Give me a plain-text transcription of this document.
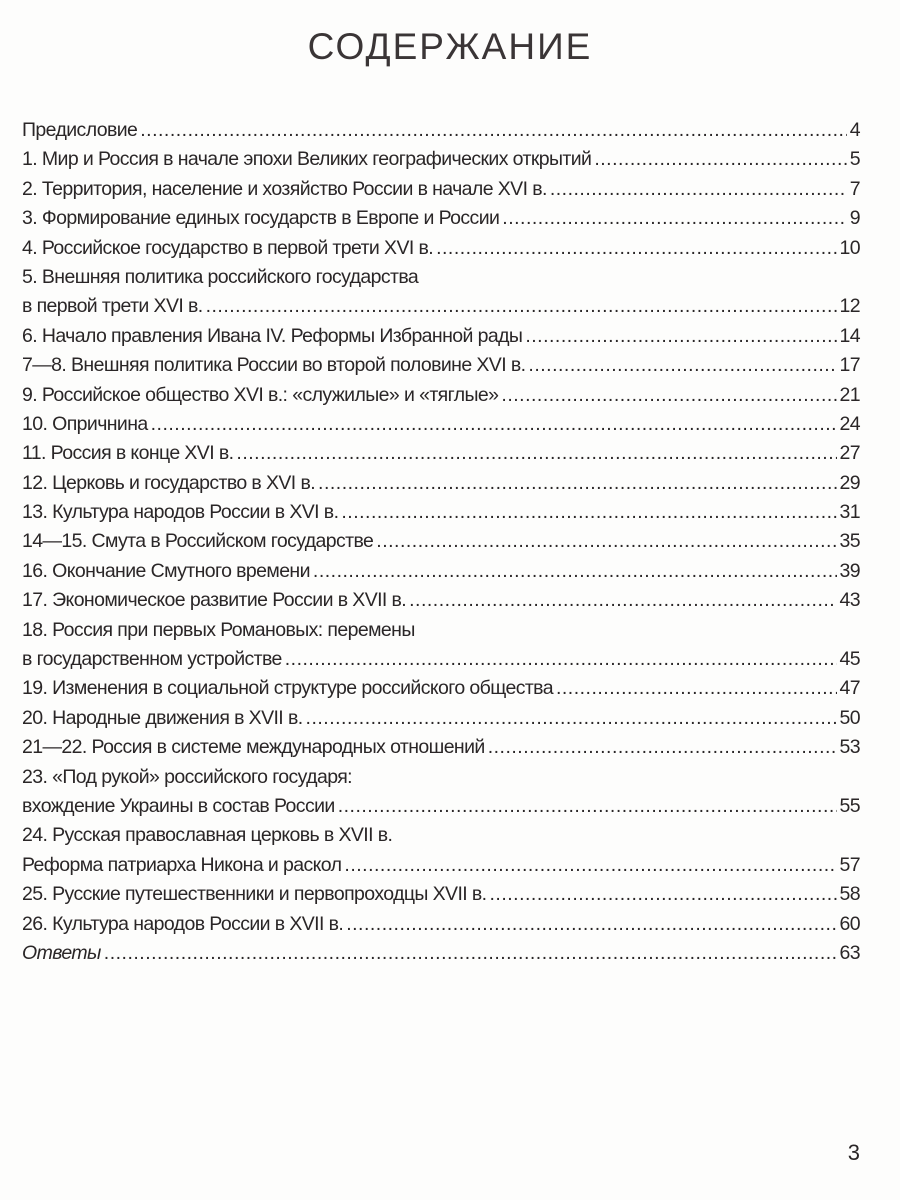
СОДЕРЖАНИЕ
Предисловие .....	4
1. Мир и Россия в начале эпохи Великих географических открытий .....	5
2. Территория, население и хозяйство России в начале XVI в. .....	7
3. Формирование единых государств в Европе и России .....	9
4. Российское государство в первой трети XVI в. .....	10
5. Внешняя политика российского государства
в первой трети XVI в. .....	12
6. Начало правления Ивана IV. Реформы Избранной рады .....	14
7—8. Внешняя политика России во второй половине XVI в. .....	17
9. Российское общество XVI в.: «служилые» и «тяглые» .....	21
10. Опричнина .....	24
11. Россия в конце XVI в. .....	27
12. Церковь и государство в XVI в. .....	29
13. Культура народов России в XVI в. .....	31
14—15. Смута в Российском государстве .....	35
16. Окончание Смутного времени .....	39
17. Экономическое развитие России в XVII в. .....	43
18. Россия при первых Романовых: перемены
в государственном устройстве .....	45
19. Изменения в социальной структуре российского общества .....	47
20. Народные движения в XVII в. .....	50
21—22. Россия в системе международных отношений .....	53
23. «Под рукой» российского государя:
вхождение Украины в состав России .....	55
24. Русская православная церковь в XVII в.
Реформа патриарха Никона и раскол .....	57
25. Русские путешественники и первопроходцы XVII в. .....	58
26. Культура народов России в XVII в. .....	60
Ответы .....	63
3
